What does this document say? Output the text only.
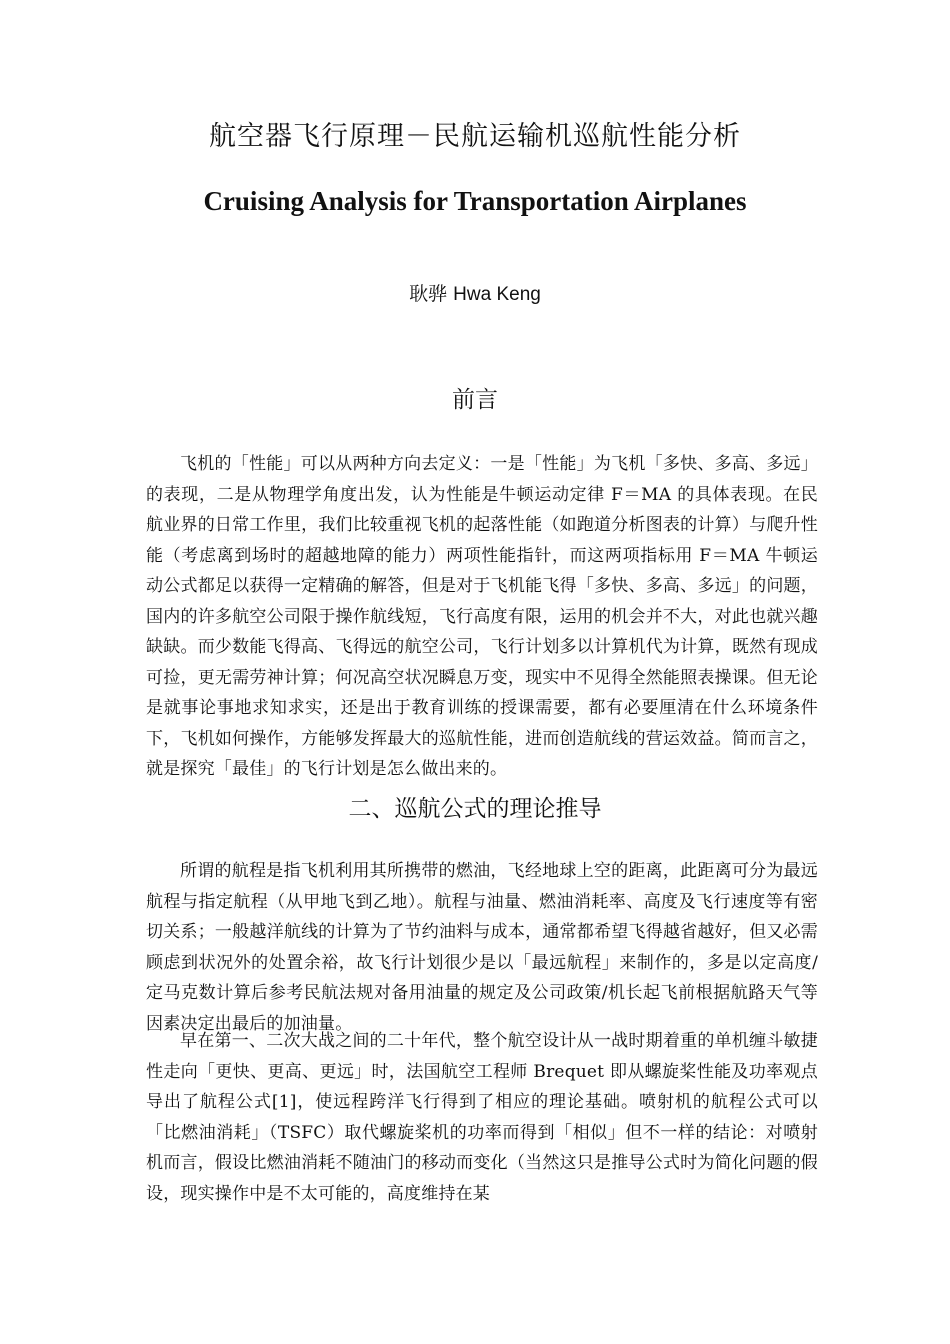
航空器飞行原理－民航运输机巡航性能分析
Cruising Analysis for Transportation Airplanes
耿骅 Hwa Keng
前言

飞机的「性能」可以从两种方向去定义：一是「性能」为飞机「多快、多高、多远」的表现，二是从物理学角度出发，认为性能是牛顿运动定律 F＝MA 的具体表现。在民航业界的日常工作里，我们比较重视飞机的起落性能（如跑道分析图表的计算）与爬升性能（考虑离到场时的超越地障的能力）两项性能指针，而这两项指标用 F＝MA 牛顿运动公式都足以获得一定精确的解答，但是对于飞机能飞得「多快、多高、多远」的问题，国内的许多航空公司限于操作航线短，飞行高度有限，运用的机会并不大，对此也就兴趣缺缺。而少数能飞得高、飞得远的航空公司，飞行计划多以计算机代为计算，既然有现成可捡，更无需劳神计算；何况高空状况瞬息万变，现实中不见得全然能照表操课。但无论是就事论事地求知求实，还是出于教育训练的授课需要，都有必要厘清在什么环境条件下，飞机如何操作，方能够发挥最大的巡航性能，进而创造航线的营运效益。简而言之，就是探究「最佳」的飞行计划是怎么做出来的。

二、巡航公式的理论推导

所谓的航程是指飞机利用其所携带的燃油，飞经地球上空的距离，此距离可分为最远航程与指定航程（从甲地飞到乙地）。航程与油量、燃油消耗率、高度及飞行速度等有密切关系；一般越洋航线的计算为了节约油料与成本，通常都希望飞得越省越好，但又必需顾虑到状况外的处置余裕，故飞行计划很少是以「最远航程」来制作的，多是以定高度/定马克数计算后参考民航法规对备用油量的规定及公司政策/机长起飞前根据航路天气等因素决定出最后的加油量。

早在第一、二次大战之间的二十年代，整个航空设计从一战时期着重的单机缠斗敏捷性走向「更快、更高、更远」时，法国航空工程师 Brequet 即从螺旋桨性能及功率观点导出了航程公式[1]，使远程跨洋飞行得到了相应的理论基础。喷射机的航程公式可以「比燃油消耗」（TSFC）取代螺旋桨机的功率而得到「相似」但不一样的结论：对喷射机而言，假设比燃油消耗不随油门的移动而变化（当然这只是推导公式时为简化问题的假设，现实操作中是不太可能的，高度维持在某
